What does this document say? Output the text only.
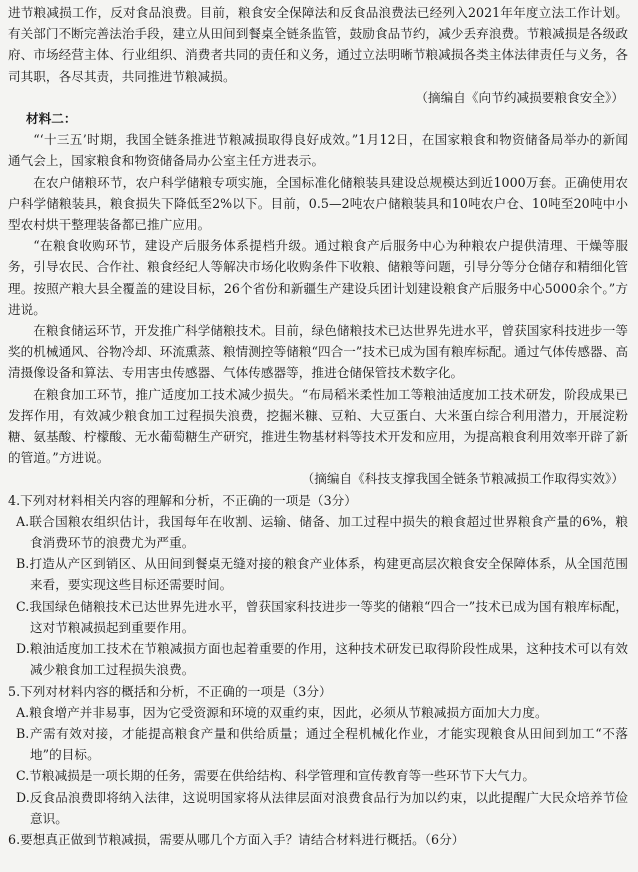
进节粮减损工作，反对食品浪费。目前，粮食安全保障法和反食品浪费法已经列入2021年年度立法工作计划。有关部门不断完善法治手段，建立从田间到餐桌全链条监管，鼓励食品节约，减少丢弃浪费。节粮减损是各级政府、市场经营主体、行业组织、消费者共同的责任和义务，通过立法明晰节粮减损各类主体法律责任与义务，各司其职，各尽其责，共同推进节粮减损。

（摘编自《向节约减损要粮食安全》）

材料二：

“‘十三五’时期，我国全链条推进节粮减损取得良好成效。”1月12日，在国家粮食和物资储备局举办的新闻通气会上，国家粮食和物资储备局办公室主任方进表示。

在农户储粮环节，农户科学储粮专项实施，全国标准化储粮装具建设总规模达到近1000万套。正确使用农户科学储粮装具，粮食损失下降低至2%以下。目前，0.5—2吨农户储粮装具和10吨农户仓、10吨至20吨中小型农村烘干整理装备都已推广应用。

“在粮食收购环节，建设产后服务体系提档升级。通过粮食产后服务中心为种粮农户提供清理、干燥等服务，引导农民、合作社、粮食经纪人等解决市场化收购条件下收粮、储粮等问题，引导分等分仓储存和精细化管理。按照产粮大县全覆盖的建设目标，26个省份和新疆生产建设兵团计划建设粮食产后服务中心5000余个。”方进说。

在粮食储运环节，开发推广科学储粮技术。目前，绿色储粮技术已达世界先进水平，曾获国家科技进步一等奖的机械通风、谷物冷却、环流熏蒸、粮情测控等储粮“四合一”技术已成为国有粮库标配。通过气体传感器、高清摄像设备和算法、专用害虫传感器、气体传感器等，推进仓储保管技术数字化。

在粮食加工环节，推广适度加工技术减少损失。“布局稻米柔性加工等粮油适度加工技术研发，阶段成果已发挥作用，有效减少粮食加工过程损失浪费，挖掘米糠、豆粕、大豆蛋白、大米蛋白综合利用潜力，开展淀粉糖、氨基酸、柠檬酸、无水葡萄糖生产研究，推进生物基材料等技术开发和应用，为提高粮食利用效率开辟了新的管道。”方进说。

（摘编自《科技支撑我国全链条节粮减损工作取得实效》）

4.下列对材料相关内容的理解和分析，不正确的一项是（3分）

A.联合国粮农组织估计，我国每年在收割、运输、储备、加工过程中损失的粮食超过世界粮食产量的6%，粮食消费环节的浪费尤为严重。

B.打造从产区到销区、从田间到餐桌无缝对接的粮食产业体系，构建更高层次粮食安全保障体系，从全国范围来看，要实现这些目标还需要时间。

C.我国绿色储粮技术已达世界先进水平，曾获国家科技进步一等奖的储粮“四合一”技术已成为国有粮库标配，这对节粮减损起到重要作用。

D.粮油适度加工技术在节粮减损方面也起着重要的作用，这种技术研发已取得阶段性成果，这种技术可以有效减少粮食加工过程损失浪费。

5.下列对材料内容的概括和分析，不正确的一项是（3分）

A.粮食增产并非易事，因为它受资源和环境的双重约束，因此，必须从节粮减损方面加大力度。

B.产需有效对接，才能提高粮食产量和供给质量；通过全程机械化作业，才能实现粮食从田间到加工“不落地”的目标。

C.节粮减损是一项长期的任务，需要在供给结构、科学管理和宣传教育等一些环节下大气力。

D.反食品浪费即将纳入法律，这说明国家将从法律层面对浪费食品行为加以约束，以此提醒广大民众培养节俭意识。

6.要想真正做到节粮减损，需要从哪几个方面入手？请结合材料进行概括。（6分）
